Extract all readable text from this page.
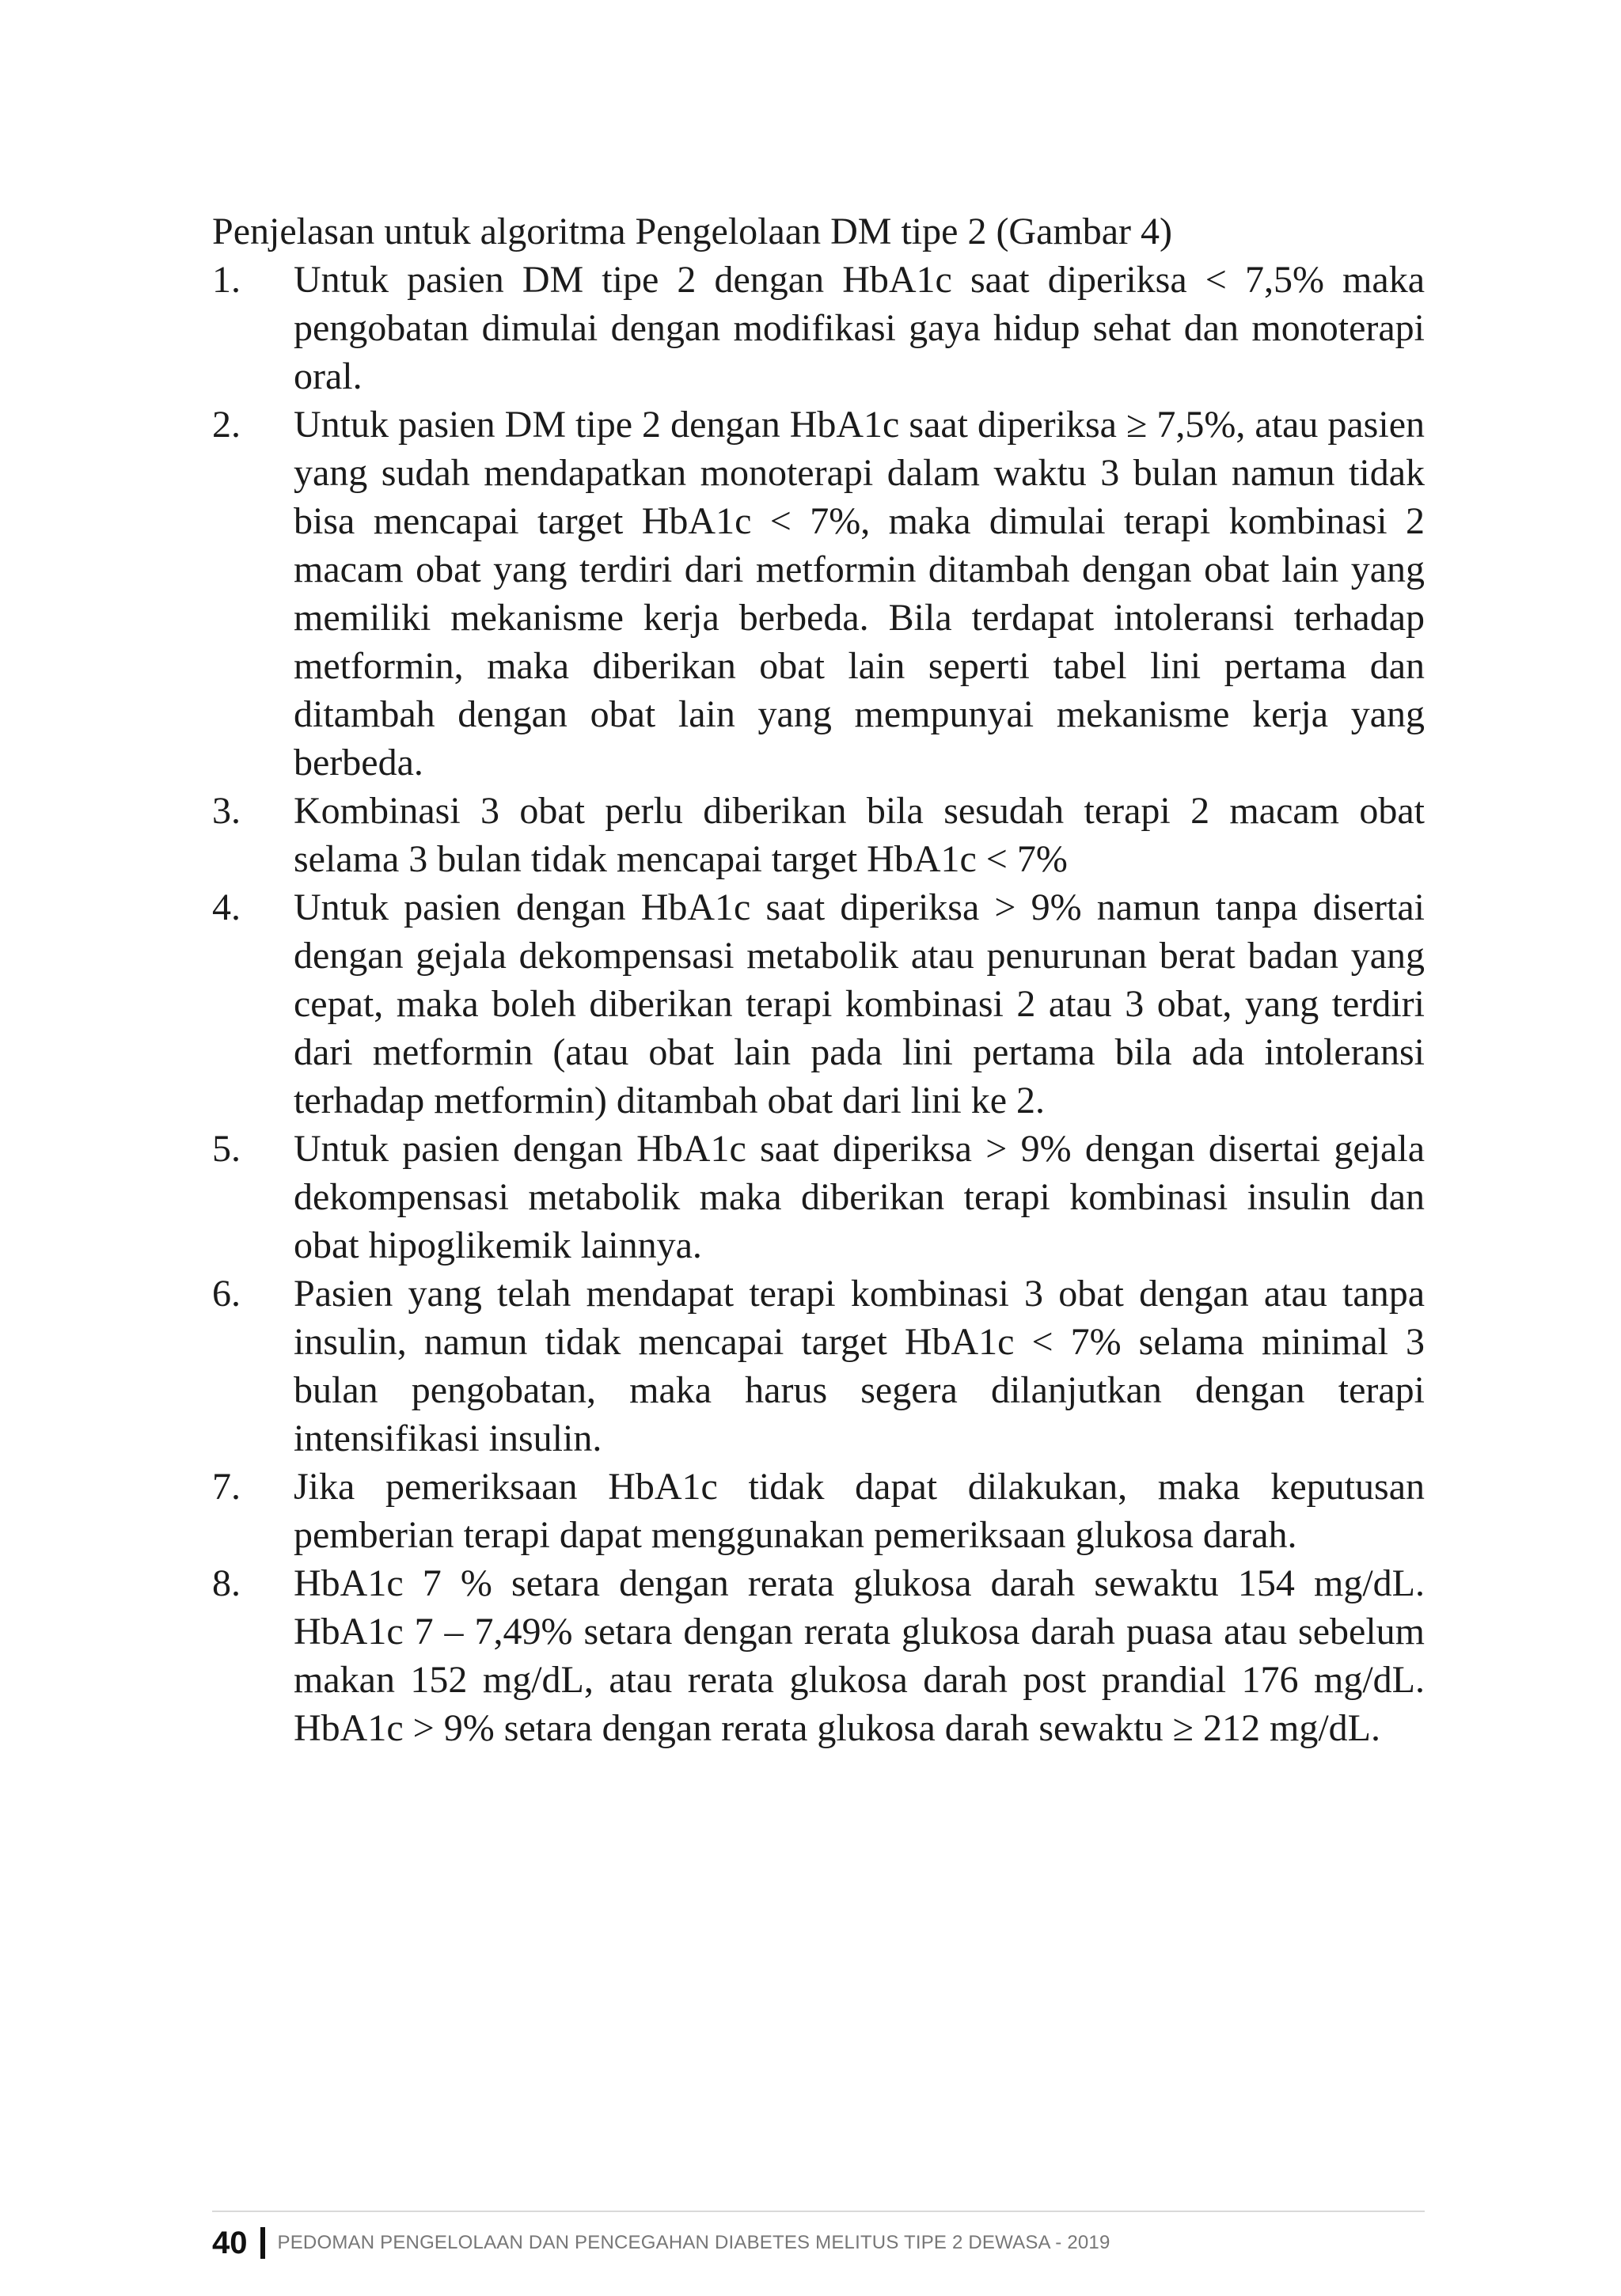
Penjelasan untuk algoritma Pengelolaan DM tipe 2 (Gambar 4)

1.	Untuk pasien DM tipe 2 dengan HbA1c saat diperiksa < 7,5% maka pengobatan dimulai dengan modifikasi gaya hidup sehat dan monoterapi oral.
2.	Untuk pasien DM tipe 2 dengan HbA1c saat diperiksa ≥ 7,5%, atau pasien yang sudah mendapatkan monoterapi dalam waktu 3 bulan namun tidak bisa mencapai target HbA1c < 7%, maka dimulai terapi kombinasi 2 macam obat yang terdiri dari metformin ditambah dengan obat lain yang memiliki mekanisme kerja berbeda. Bila terdapat intoleransi terhadap metformin, maka diberikan obat lain seperti tabel lini pertama dan ditambah dengan obat lain yang mempunyai mekanisme kerja yang berbeda.
3.	Kombinasi 3 obat perlu diberikan bila sesudah terapi 2 macam obat selama 3 bulan tidak mencapai target HbA1c < 7%
4.	Untuk pasien dengan HbA1c saat diperiksa > 9% namun tanpa disertai dengan gejala dekompensasi metabolik atau penurunan berat badan yang cepat, maka boleh diberikan terapi kombinasi 2 atau 3 obat, yang terdiri dari metformin (atau obat lain pada lini pertama bila ada intoleransi terhadap metformin) ditambah obat dari lini ke 2.
5.	Untuk pasien dengan HbA1c saat diperiksa > 9% dengan disertai gejala dekompensasi metabolik maka diberikan terapi kombinasi insulin dan obat hipoglikemik lainnya.
6.	Pasien yang telah mendapat terapi kombinasi 3 obat dengan atau tanpa insulin, namun tidak mencapai target HbA1c < 7% selama minimal 3 bulan pengobatan, maka harus segera dilanjutkan dengan terapi intensifikasi insulin.
7.	Jika pemeriksaan HbA1c tidak dapat dilakukan, maka keputusan pemberian terapi dapat menggunakan pemeriksaan glukosa darah.
8.	HbA1c 7 % setara dengan rerata glukosa darah sewaktu 154 mg/dL. HbA1c 7 – 7,49% setara dengan rerata glukosa darah puasa atau sebelum makan 152 mg/dL, atau rerata glukosa darah post prandial 176 mg/dL. HbA1c > 9% setara dengan rerata glukosa darah sewaktu ≥ 212 mg/dL.
40 PEDOMAN PENGELOLAAN DAN PENCEGAHAN DIABETES MELITUS TIPE 2 DEWASA - 2019
